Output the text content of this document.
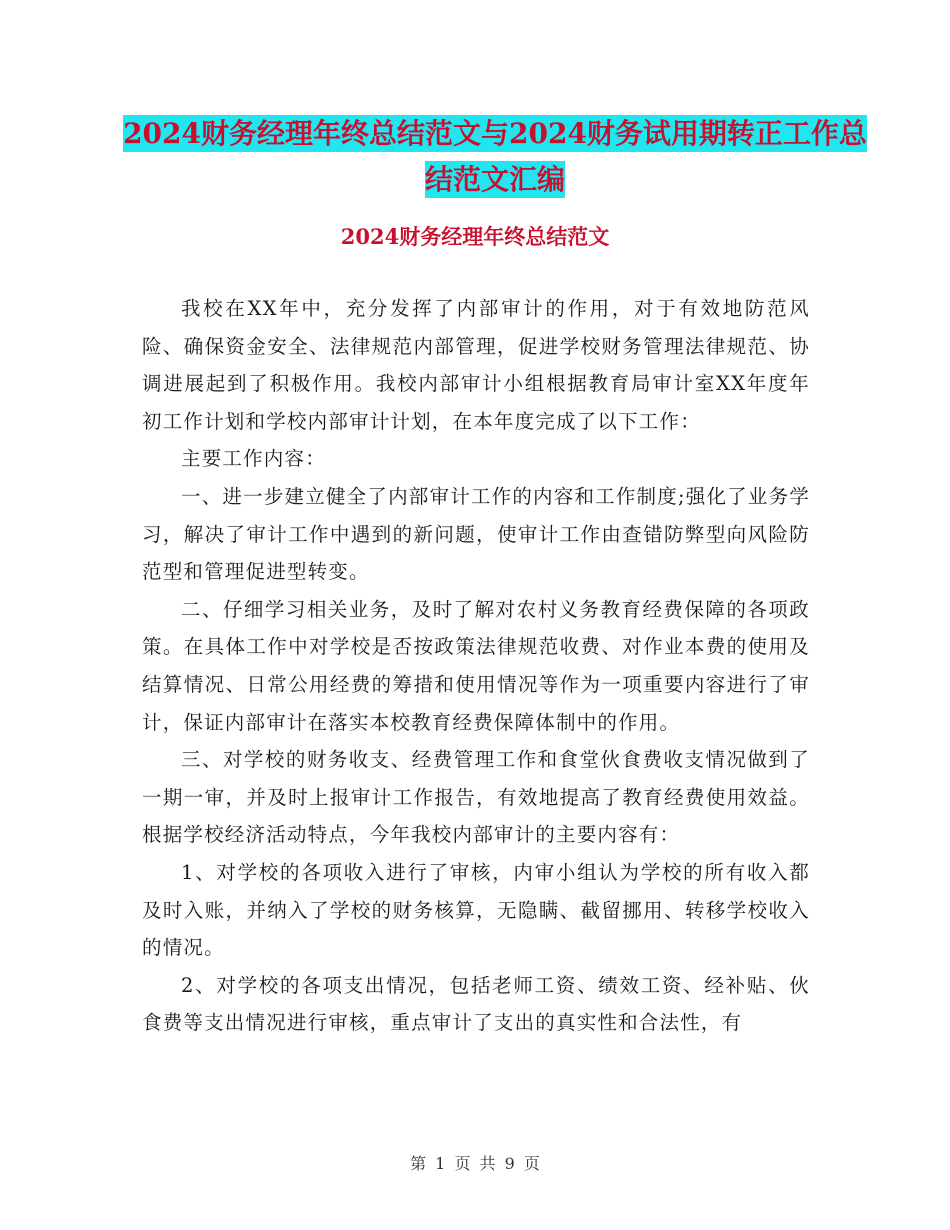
2024财务经理年终总结范文与2024财务试用期转正工作总结范文汇编
2024财务经理年终总结范文

我校在XX年中，充分发挥了内部审计的作用，对于有效地防范风险、确保资金安全、法律规范内部管理，促进学校财务管理法律规范、协调进展起到了积极作用。我校内部审计小组根据教育局审计室XX年度年初工作计划和学校内部审计计划，在本年度完成了以下工作：

主要工作内容：

一、进一步建立健全了内部审计工作的内容和工作制度;强化了业务学习，解决了审计工作中遇到的新问题，使审计工作由查错防弊型向风险防范型和管理促进型转变。

二、仔细学习相关业务，及时了解对农村义务教育经费保障的各项政策。在具体工作中对学校是否按政策法律规范收费、对作业本费的使用及结算情况、日常公用经费的筹措和使用情况等作为一项重要内容进行了审计，保证内部审计在落实本校教育经费保障体制中的作用。

三、对学校的财务收支、经费管理工作和食堂伙食费收支情况做到了一期一审，并及时上报审计工作报告，有效地提高了教育经费使用效益。根据学校经济活动特点，今年我校内部审计的主要内容有：

1、对学校的各项收入进行了审核，内审小组认为学校的所有收入都及时入账，并纳入了学校的财务核算，无隐瞒、截留挪用、转移学校收入的情况。

2、对学校的各项支出情况，包括老师工资、绩效工资、经补贴、伙食费等支出情况进行审核，重点审计了支出的真实性和合法性，有

第 1 页 共 9 页
